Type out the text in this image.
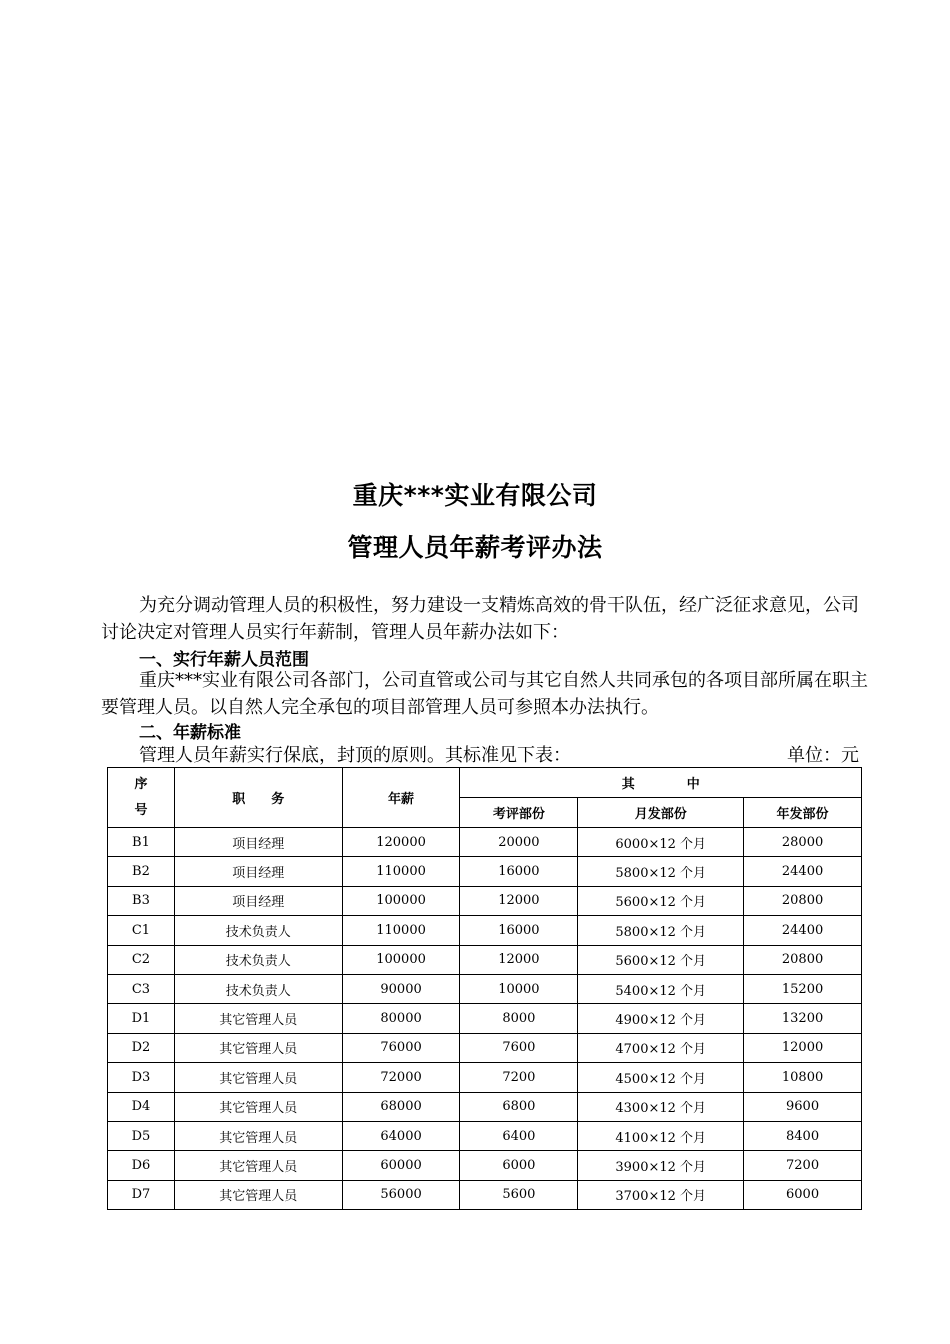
重庆***实业有限公司
管理人员年薪考评办法
为充分调动管理人员的积极性，努力建设一支精炼高效的骨干队伍，经广泛征求意见，公司讨论决定对管理人员实行年薪制，管理人员年薪办法如下：
一、实行年薪人员范围
重庆***实业有限公司各部门，公司直管或公司与其它自然人共同承包的各项目部所属在职主要管理人员。以自然人完全承包的项目部管理人员可参照本办法执行。
二、年薪标准
管理人员年薪实行保底，封顶的原则。其标准见下表：	单位：元
序
号	职　　务	年薪	其　　　　中		
			考评部份	月发部份	年发部份
B1	项目经理	120000	20000	6000×12 个月	28000
B2	项目经理	110000	16000	5800×12 个月	24400
B3	项目经理	100000	12000	5600×12 个月	20800
C1	技术负责人	110000	16000	5800×12 个月	24400
C2	技术负责人	100000	12000	5600×12 个月	20800
C3	技术负责人	90000	10000	5400×12 个月	15200
D1	其它管理人员	80000	8000	4900×12 个月	13200
D2	其它管理人员	76000	7600	4700×12 个月	12000
D3	其它管理人员	72000	7200	4500×12 个月	10800
D4	其它管理人员	68000	6800	4300×12 个月	9600
D5	其它管理人员	64000	6400	4100×12 个月	8400
D6	其它管理人员	60000	6000	3900×12 个月	7200
D7	其它管理人员	56000	5600	3700×12 个月	6000
